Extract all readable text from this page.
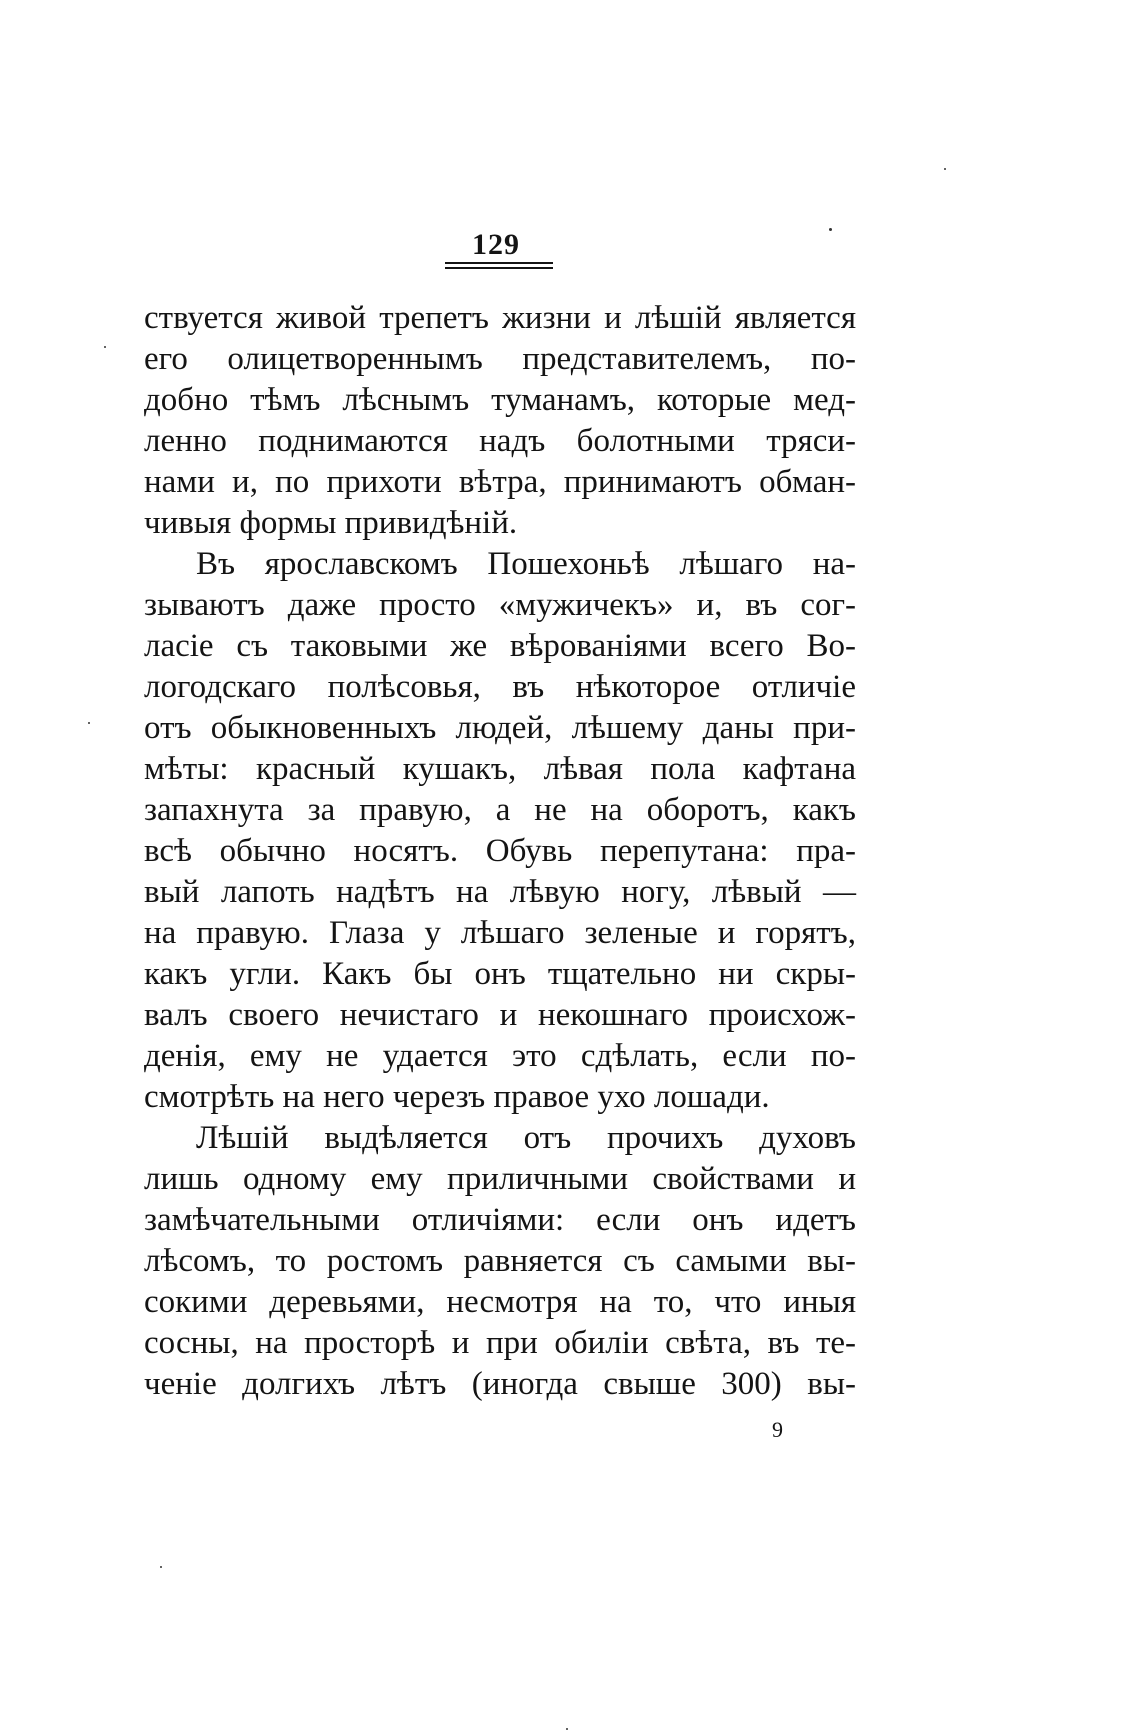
129
ствуется живой трепетъ жизни и лѣшій является
его олицетвореннымъ представителемъ, по-
добно тѣмъ лѣснымъ туманамъ, которые мед-
ленно поднимаются надъ болотными тряси-
нами и, по прихоти вѣтра, принимаютъ обман-
чивыя формы привидѣній.
Въ ярославскомъ Пошехоньѣ лѣшаго на-
зываютъ даже просто «мужичекъ» и, въ сог-
ласіе съ таковыми же вѣрованіями всего Во-
логодскаго полѣсовья, въ нѣкоторое отличіе
отъ обыкновенныхъ людей, лѣшему даны при-
мѣты: красный кушакъ, лѣвая пола кафтана
запахнута за правую, а не на оборотъ, какъ
всѣ обычно носятъ. Обувь перепутана: пра-
вый лапоть надѣтъ на лѣвую ногу, лѣвый —
на правую. Глаза у лѣшаго зеленые и горятъ,
какъ угли. Какъ бы онъ тщательно ни скры-
валъ своего нечистаго и некошнаго происхож-
денія, ему не удается это сдѣлать, если по-
смотрѣть на него черезъ правое ухо лошади.
Лѣшій выдѣляется отъ прочихъ духовъ
лишь одному ему приличными свойствами и
замѣчательными отличіями: если онъ идетъ
лѣсомъ, то ростомъ равняется съ самыми вы-
сокими деревьями, несмотря на то, что иныя
сосны, на просторѣ и при обиліи свѣта, въ те-
ченіе долгихъ лѣтъ (иногда свыше 300) вы-
9
